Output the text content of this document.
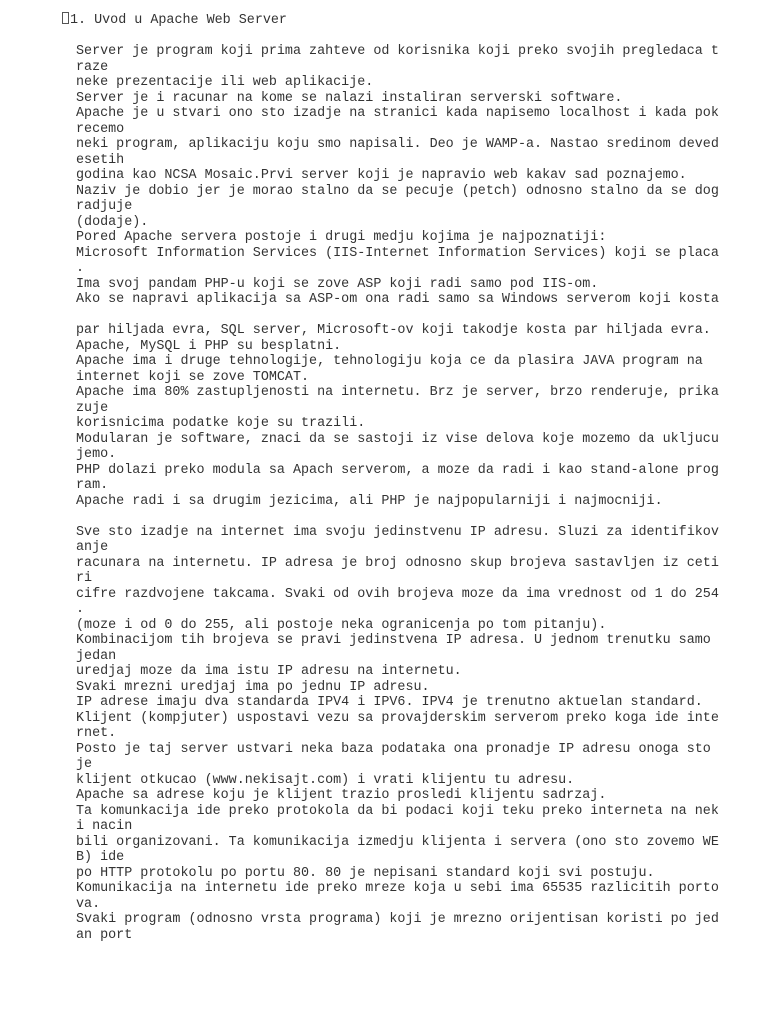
1. Uvod u Apache Web Server
Server je program koji prima zahteve od korisnika koji preko svojih pregledaca t
raze
neke prezentacije ili web aplikacije.
Server je i racunar na kome se nalazi instaliran serverski software.
Apache je u stvari ono sto izadje na stranici kada napisemo localhost i kada pok
recemo
neki program, aplikaciju koju smo napisali. Deo je WAMP-a. Nastao sredinom deved
esetih
godina kao NCSA Mosaic.Prvi server koji je napravio web kakav sad poznajemo.
Naziv je dobio jer je morao stalno da se pecuje (petch) odnosno stalno da se dog
radjuje
(dodaje).
Pored Apache servera postoje i drugi medju kojima je najpoznatiji:
Microsoft Information Services (IIS-Internet Information Services) koji se placa
.
Ima svoj pandam PHP-u koji se zove ASP koji radi samo pod IIS-om.
Ako se napravi aplikacija sa ASP-om ona radi samo sa Windows serverom koji kosta
par hiljada evra, SQL server, Microsoft-ov koji takodje kosta par hiljada evra.
Apache, MySQL i PHP su besplatni.
Apache ima i druge tehnologije, tehnologiju koja ce da plasira JAVA program na
internet koji se zove TOMCAT.
Apache ima 80% zastupljenosti na internetu. Brz je server, brzo renderuje, prika
zuje
korisnicima podatke koje su trazili.
Modularan je software, znaci da se sastoji iz vise delova koje mozemo da ukljucu
jemo.
PHP dolazi preko modula sa Apach serverom, a moze da radi i kao stand-alone prog
ram.
Apache radi i sa drugim jezicima, ali PHP je najpopularniji i najmocniji.
Sve sto izadje na internet ima svoju jedinstvenu IP adresu. Sluzi za identifikov
anje
racunara na internetu. IP adresa je broj odnosno skup brojeva sastavljen iz ceti
ri
cifre razdvojene takcama. Svaki od ovih brojeva moze da ima vrednost od 1 do 254
.
(moze i od 0 do 255, ali postoje neka ogranicenja po tom pitanju).
Kombinacijom tih brojeva se pravi jedinstvena IP adresa. U jednom trenutku samo
jedan
uredjaj moze da ima istu IP adresu na internetu.
Svaki mrezni uredjaj ima po jednu IP adresu.
IP adrese imaju dva standarda IPV4 i IPV6. IPV4 je trenutno aktuelan standard.
Klijent (kompjuter) uspostavi vezu sa provajderskim serverom preko koga ide inte
rnet.
Posto je taj server ustvari neka baza podataka ona pronadje IP adresu onoga sto
je
klijent otkucao (www.nekisajt.com) i vrati klijentu tu adresu.
Apache sa adrese koju je klijent trazio prosledi klijentu sadrzaj.
Ta komunkacija ide preko protokola da bi podaci koji teku preko interneta na nek
i nacin
bili organizovani. Ta komunikacija izmedju klijenta i servera (ono sto zovemo WE
B) ide
po HTTP protokolu po portu 80. 80 je nepisani standard koji svi postuju.
Komunikacija na internetu ide preko mreze koja u sebi ima 65535 razlicitih porto
va.
Svaki program (odnosno vrsta programa) koji je mrezno orijentisan koristi po jed
an port
